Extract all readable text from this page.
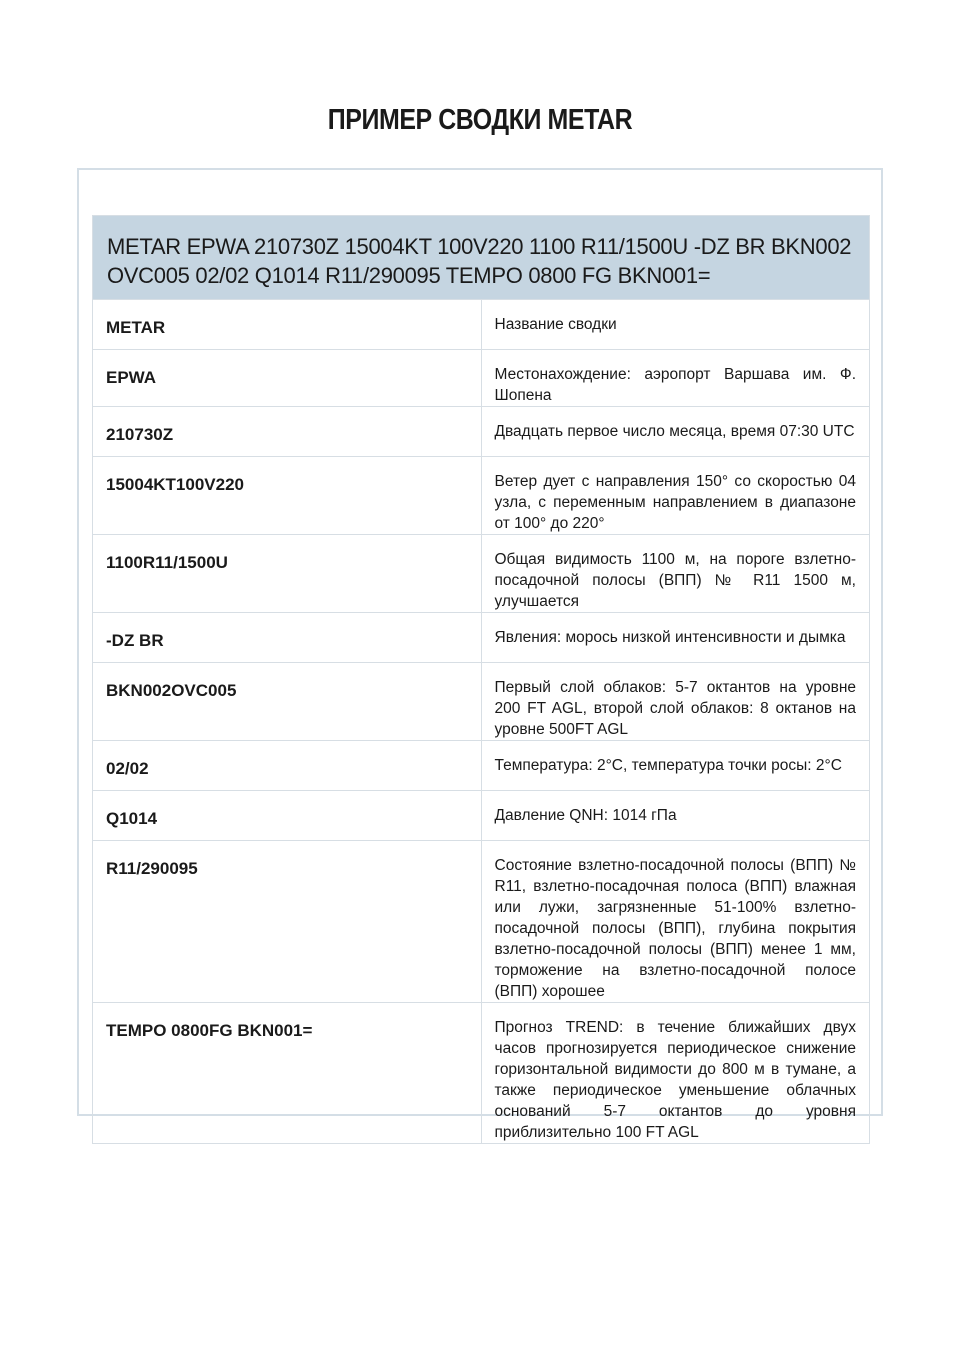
ПРИМЕР СВОДКИ METAR
METAR EPWA 210730Z 15004KT 100V220 1100 R11/1500U -DZ BR BKN002 OVC005 02/02 Q1014 R11/290095 TEMPO 0800 FG BKN001=	
METAR	Название сводки
EPWA	Местонахождение: аэропорт Варшава им. Ф. Шопена
210730Z	Двадцать первое число месяца, время 07:30 UTC
15004KT100V220	Ветер дует с направления 150° со скоростью 04 узла, с переменным направлением в диапазоне от 100° до 220°
1100R11/1500U	Общая видимость 1100 м, на пороге взлетно-посадочной полосы (ВПП) № R11 1500 м, улучшается
-DZ BR	Явления: морось низкой интенсивности и дымка
BKN002OVC005	Первый слой облаков: 5-7 октантов на уровне 200 FT AGL, второй слой облаков: 8 октанов на уровне 500FT AGL
02/02	Температура: 2°C, температура точки росы: 2°C
Q1014	Давление QNH: 1014 гПа
R11/290095	Состояние взлетно-посадочной полосы (ВПП) № R11, взлетно-посадочная полоса (ВПП) влажная или лужи, загрязненные 51-100% взлетно-посадочной полосы (ВПП), глубина покрытия взлетно-посадочной полосы (ВПП) менее 1 мм, торможение на взлетно-посадочной полосе (ВПП) хорошее
TEMPO 0800FG BKN001=	Прогноз TREND: в течение ближайших двух часов прогнозируется периодическое снижение горизонтальной видимости до 800 м в тумане, а также периодическое уменьшение облачных оснований 5-7 октантов до уровня приблизительно 100 FT AGL
